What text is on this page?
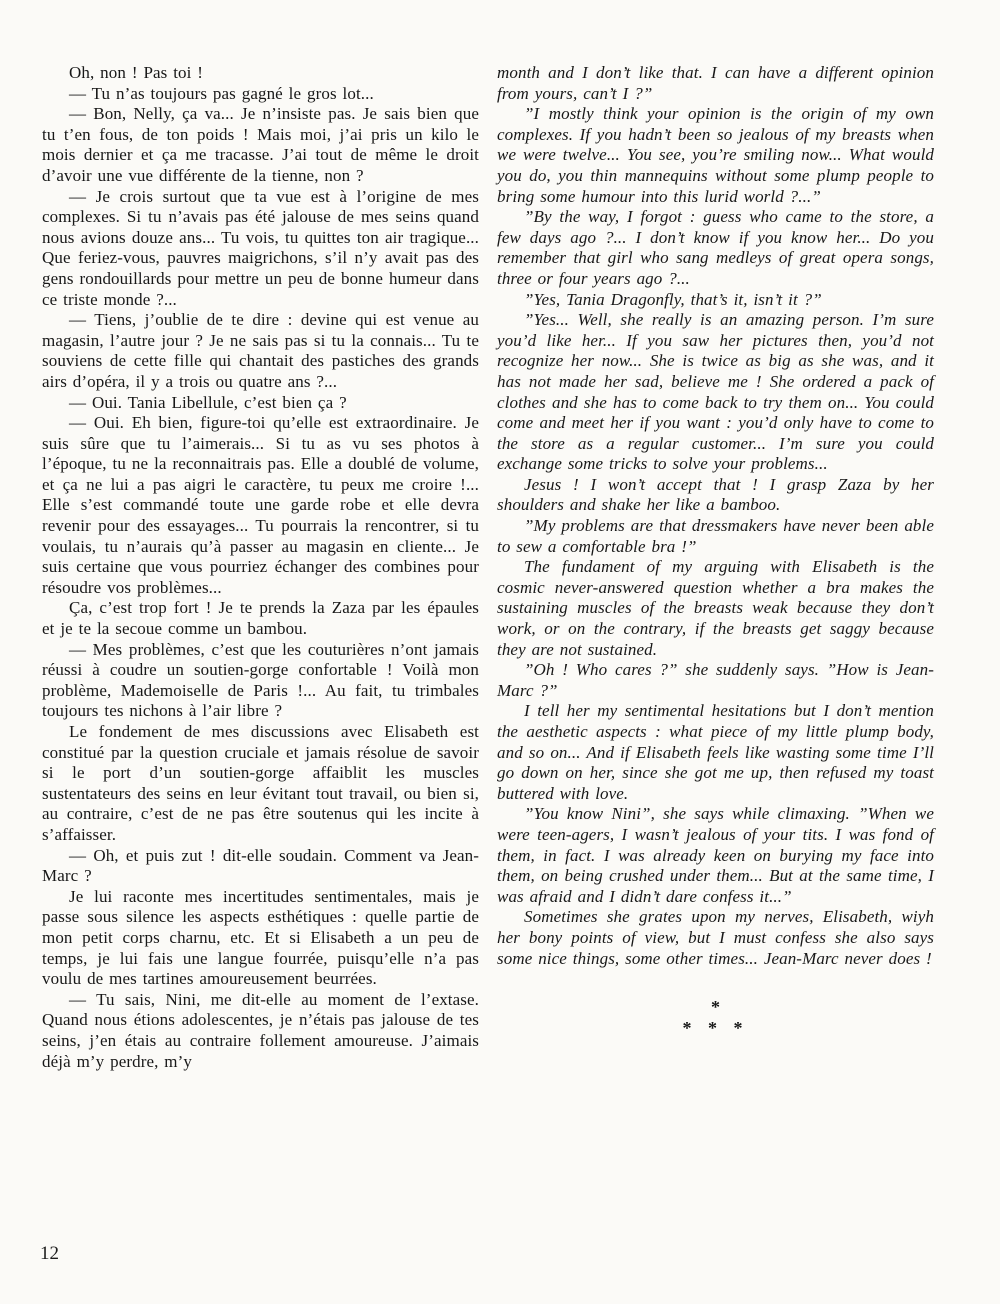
Oh, non ! Pas toi !

— Tu n’as toujours pas gagné le gros lot...

— Bon, Nelly, ça va... Je n’insiste pas. Je sais bien que tu t’en fous, de ton poids ! Mais moi, j’ai pris un kilo le mois dernier et ça me tracasse. J’ai tout de même le droit d’avoir une vue différente de la tienne, non ?

— Je crois surtout que ta vue est à l’origine de mes complexes. Si tu n’avais pas été jalouse de mes seins quand nous avions douze ans... Tu vois, tu quittes ton air tragique... Que feriez-vous, pauvres maigrichons, s’il n’y avait pas des gens rondouillards pour mettre un peu de bonne humeur dans ce triste monde ?...

— Tiens, j’oublie de te dire : devine qui est venue au magasin, l’autre jour ? Je ne sais pas si tu la connais... Tu te souviens de cette fille qui chantait des pastiches des grands airs d’opéra, il y a trois ou quatre ans ?...

— Oui. Tania Libellule, c’est bien ça ?

— Oui. Eh bien, figure-toi qu’elle est extraordinaire. Je suis sûre que tu l’aimerais... Si tu as vu ses photos à l’époque, tu ne la reconnaitrais pas. Elle a doublé de volume, et ça ne lui a pas aigri le caractère, tu peux me croire !... Elle s’est commandé toute une garde robe et elle devra revenir pour des essayages... Tu pourrais la rencontrer, si tu voulais, tu n’aurais qu’à passer au magasin en cliente... Je suis certaine que vous pourriez échanger des combines pour résoudre vos problèmes...

Ça, c’est trop fort ! Je te prends la Zaza par les épaules et je te la secoue comme un bambou.

— Mes problèmes, c’est que les couturières n’ont jamais réussi à coudre un soutien-gorge confortable ! Voilà mon problème, Mademoiselle de Paris !... Au fait, tu trimbales toujours tes nichons à l’air libre ?

Le fondement de mes discussions avec Elisabeth est constitué par la question cruciale et jamais résolue de savoir si le port d’un soutien-gorge affaiblit les muscles sustentateurs des seins en leur évitant tout travail, ou bien si, au contraire, c’est de ne pas être soutenus qui les incite à s’affaisser.

— Oh, et puis zut ! dit-elle soudain. Comment va Jean-Marc ?

Je lui raconte mes incertitudes sentimentales, mais je passe sous silence les aspects esthétiques : quelle partie de mon petit corps charnu, etc. Et si Elisabeth a un peu de temps, je lui fais une langue fourrée, puisqu’elle n’a pas voulu de mes tartines amoureusement beurrées.

— Tu sais, Nini, me dit-elle au moment de l’extase. Quand nous étions adolescentes, je n’étais pas jalouse de tes seins, j’en étais au contraire follement amoureuse. J’aimais déjà m’y perdre, m’y

month and I don’t like that. I can have a different opinion from yours, can’t I ?”

”I mostly think your opinion is the origin of my own complexes. If you hadn’t been so jealous of my breasts when we were twelve... You see, you’re smiling now... What would you do, you thin mannequins without some plump people to bring some humour into this lurid world ?...”

”By the way, I forgot : guess who came to the store, a few days ago ?... I don’t know if you know her... Do you remember that girl who sang medleys of great opera songs, three or four years ago ?...

”Yes, Tania Dragonfly, that’s it, isn’t it ?”

”Yes... Well, she really is an amazing person. I’m sure you’d like her... If you saw her pictures then, you’d not recognize her now... She is twice as big as she was, and it has not made her sad, believe me ! She ordered a pack of clothes and she has to come back to try them on... You could come and meet her if you want : you’d only have to come to the store as a regular customer... I’m sure you could exchange some tricks to solve your problems...

Jesus ! I won’t accept that ! I grasp Zaza by her shoulders and shake her like a bamboo.

”My problems are that dressmakers have never been able to sew a comfortable bra !”

The fundament of my arguing with Elisabeth is the cosmic never-answered question whether a bra makes the sustaining muscles of the breasts weak because they don’t work, or on the contrary, if the breasts get saggy because they are not sustained.

”Oh ! Who cares ?” she suddenly says. ”How is Jean-Marc ?”

I tell her my sentimental hesitations but I don’t mention the aesthetic aspects : what piece of my little plump body, and so on... And if Elisabeth feels like wasting some time I’ll go down on her, since she got me up, then refused my toast buttered with love.

”You know Nini”, she says while climaxing. ”When we were teen-agers, I wasn’t jealous of your tits. I was fond of them, in fact. I was already keen on burying my face into them, on being crushed under them... But at the same time, I was afraid and I didn’t dare confess it...”

Sometimes she grates upon my nerves, Elisabeth, wiyh her bony points of view, but I must confess she also says some nice things, some other times... Jean-Marc never does !

*
* * *
12
